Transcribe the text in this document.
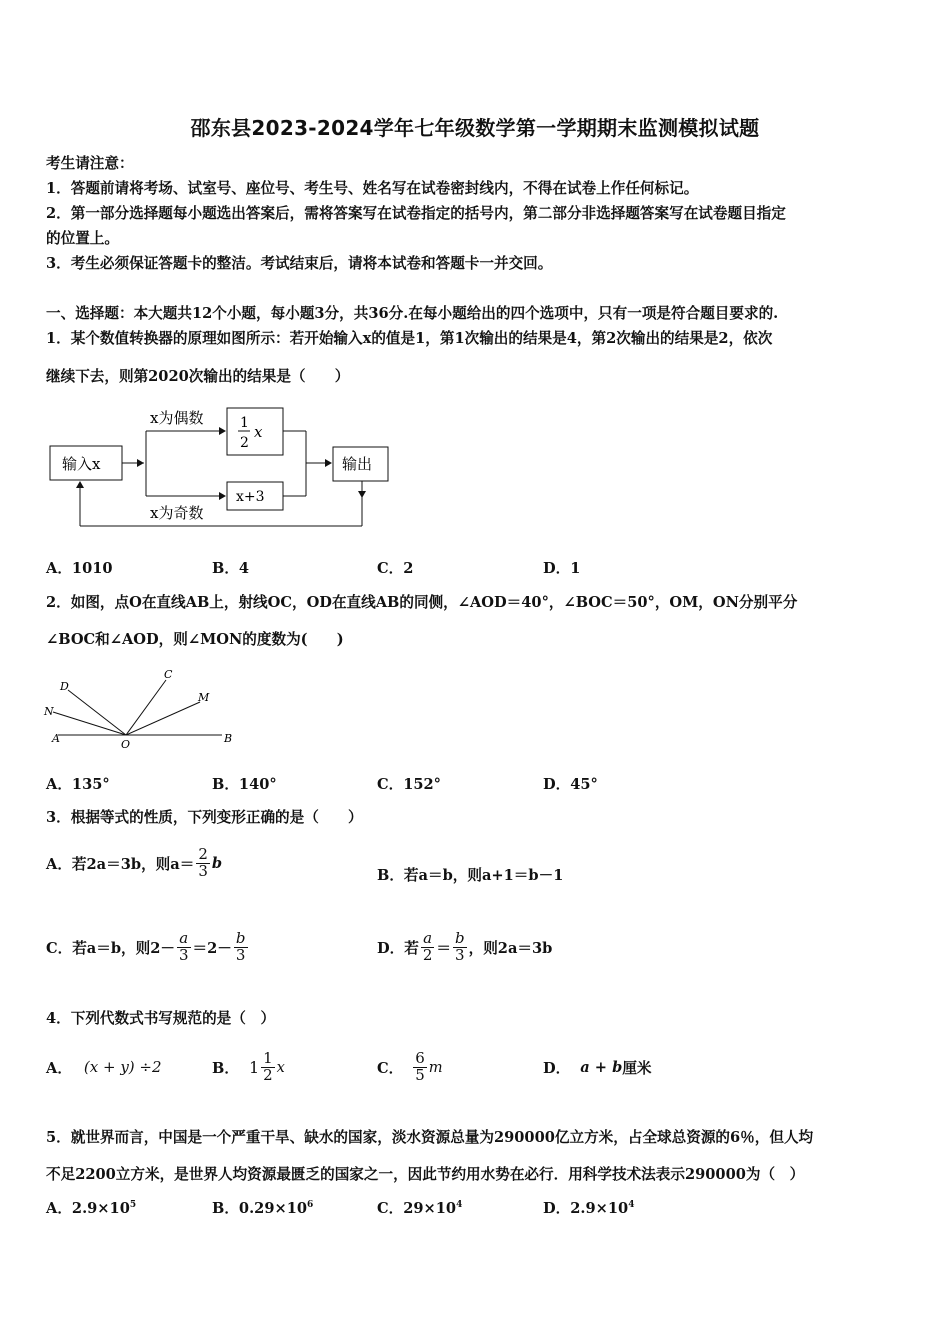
邵东县2023-2024学年七年级数学第一学期期末监测模拟试题
考生请注意：
1．答题前请将考场、试室号、座位号、考生号、姓名写在试卷密封线内，不得在试卷上作任何标记。
2．第一部分选择题每小题选出答案后，需将答案写在试卷指定的括号内，第二部分非选择题答案写在试卷题目指定
的位置上。
3．考生必须保证答题卡的整洁。考试结束后，请将本试卷和答题卡一并交回。
一、选择题：本大题共12个小题，每小题3分，共36分.在每小题给出的四个选项中，只有一项是符合题目要求的.
1．某个数值转换器的原理如图所示：若开始输入x的值是1，第1次输出的结果是4，第2次输出的结果是2，依次
继续下去，则第2020次输出的结果是（　　）
输入x
x为偶数	1
2
x
x为奇数
x+3
输出
A．1010	B．4	C．2	D．1
2．如图，点O在直线AB上，射线OC，OD在直线AB的同侧，∠AOD＝40°，∠BOC＝50°，OM，ON分别平分
∠BOC和∠AOD，则∠MON的度数为(　　)
A	B
O
D
N
C
M
A．135°	B．140°	C．152°	D．45°
3．根据等式的性质，下列变形正确的是（　　）
A．若2a＝3b，则$a= \frac{2}{3}$ b
B．若a＝b，则a+1＝b－1
C．若a＝b，则$2- \frac{a}{3} =2- \frac{b}{3}$	D．若 $\frac{a}{2} = \frac{b}{3}$ ，则2a＝3b
4．下列代数式书写规范的是（　）
A． (x + y) ÷2	B． $1 \frac{1}{2}$ x	C． $\frac{6}{5}$ m	D． a + b 厘米
5．就世界而言，中国是一个严重干旱、缺水的国家，淡水资源总量为290000亿立方米，占全球总资源的6％，但人均
不足2200立方米，是世界人均资源最匮乏的国家之一，因此节约用水势在必行．用科学技术法表示290000为（　）
A．$2.9\times 10^5$	B．$0.29\times 10^6$	C．$29\times 10^4$	D．$2.9\times 10^4$
